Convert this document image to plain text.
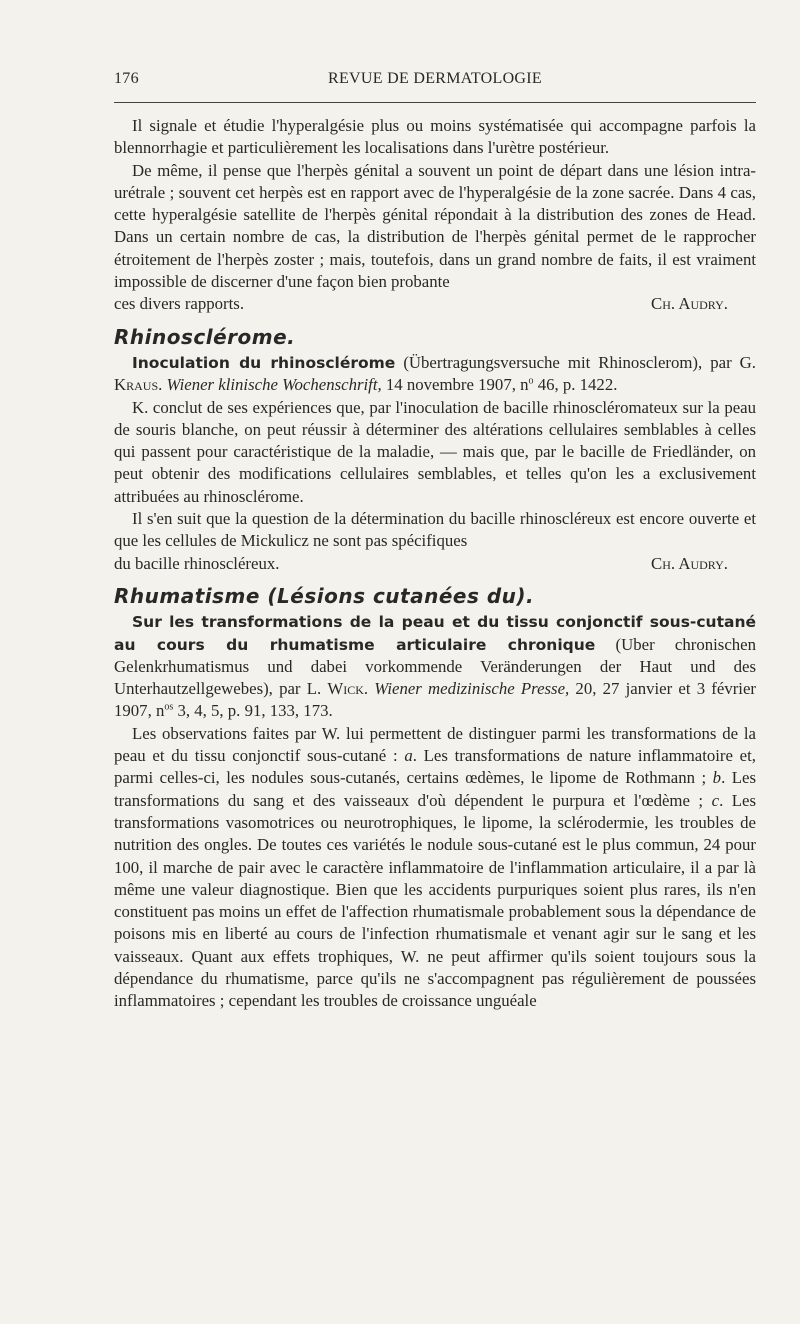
176	REVUE DE DERMATOLOGIE

Il signale et étudie l'hyperalgésie plus ou moins systématisée qui accompagne parfois la blennorrhagie et particulièrement les localisations dans l'urètre postérieur.

De même, il pense que l'herpès génital a souvent un point de départ dans une lésion intra-urétrale ; souvent cet herpès est en rapport avec de l'hyperalgésie de la zone sacrée. Dans 4 cas, cette hyperalgésie satellite de l'herpès génital répondait à la distribution des zones de Head. Dans un certain nombre de cas, la distribution de l'herpès génital permet de le rapprocher étroitement de l'herpès zoster ; mais, toutefois, dans un grand nombre de faits, il est vraiment impossible de discerner d'une façon bien probante

ces divers rapports.	Ch. Audry.
Rhinosclérome.

Inoculation du rhinosclérome (Übertragungsversuche mit Rhinosclerom), par G. Kraus. Wiener klinische Wochenschrift, 14 novembre 1907, $n^o$ 46, p. 1422.

K. conclut de ses expériences que, par l'inoculation de bacille rhinoscléromateux sur la peau de souris blanche, on peut réussir à déterminer des altérations cellulaires semblables à celles qui passent pour caractéristique de la maladie, — mais que, par le bacille de Friedländer, on peut obtenir des modifications cellulaires semblables, et telles qu'on les a exclusivement attribuées au rhinosclérome.

Il s'en suit que la question de la détermination du bacille rhinoscléreux est encore ouverte et que les cellules de Mickulicz ne sont pas spécifiques

du bacille rhinoscléreux.	Ch. Audry.
Rhumatisme (Lésions cutanées du).

Sur les transformations de la peau et du tissu conjonctif sous-cutané au cours du rhumatisme articulaire chronique (Uber chronischen Gelenkrhumatismus und dabei vorkommende Veränderungen der Haut und des Unterhautzellgewebes), par L. Wick. Wiener medizinische Presse, 20, 27 janvier et 3 février 1907, $n^{os}$ 3, 4, 5, p. 91, 133, 173.

Les observations faites par W. lui permettent de distinguer parmi les transformations de la peau et du tissu conjonctif sous-cutané : a. Les transformations de nature inflammatoire et, parmi celles-ci, les nodules sous-cutanés, certains œdèmes, le lipome de Rothmann ; b. Les transformations du sang et des vaisseaux d'où dépendent le purpura et l'œdème ; c. Les transformations vasomotrices ou neurotrophiques, le lipome, la sclérodermie, les troubles de nutrition des ongles. De toutes ces variétés le nodule sous-cutané est le plus commun, 24 pour 100, il marche de pair avec le caractère inflammatoire de l'inflammation articulaire, il a par là même une valeur diagnostique. Bien que les accidents purpuriques soient plus rares, ils n'en constituent pas moins un effet de l'affection rhumatismale probablement sous la dépendance de poisons mis en liberté au cours de l'infection rhumatismale et venant agir sur le sang et les vaisseaux. Quant aux effets trophiques, W. ne peut affirmer qu'ils soient toujours sous la dépendance du rhumatisme, parce qu'ils ne s'accompagnent pas régulièrement de poussées inflammatoires ; cependant les troubles de croissance unguéale
